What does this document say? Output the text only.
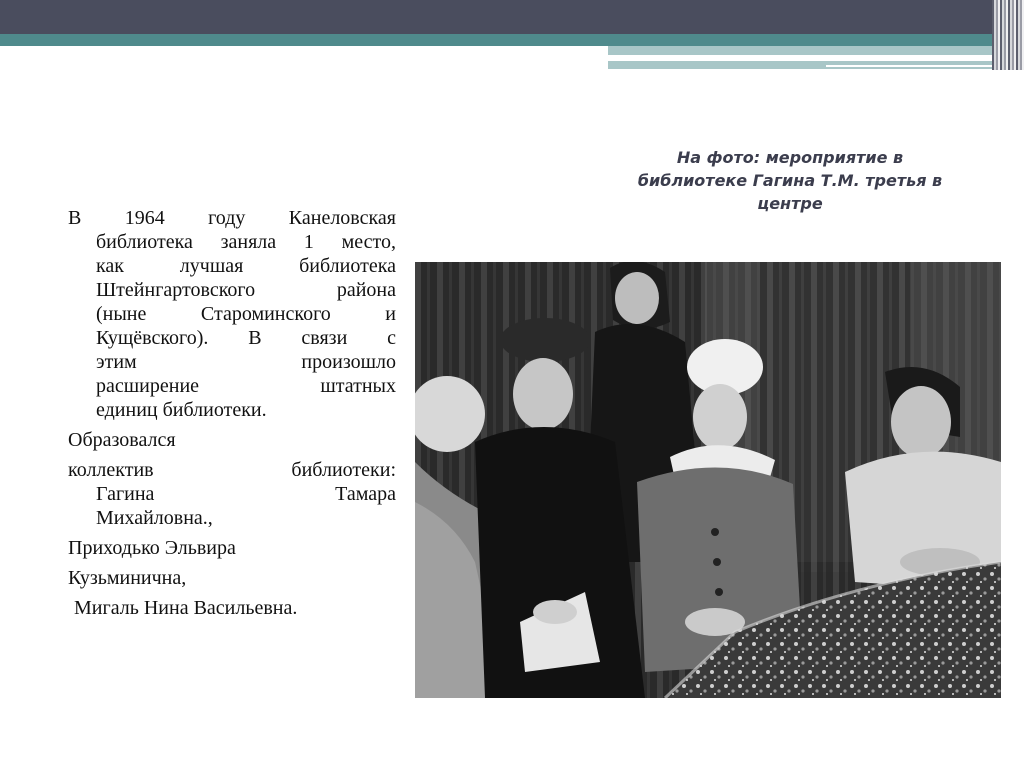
На фото: мероприятие в
библиотеке Гагина Т.М. третья в
центре
В 1964 году Канеловская
библиотека заняла 1 место,
как лучшая библиотека
Штейнгартовского района
(ныне Староминского и
Кущёвского). В связи с
этим произошло
расширение штатных
единиц библиотеки.
Образовался
коллектив библиотеки:
Гагина Тамара
Михайловна.,
Приходько Эльвира
Кузьминична,
Мигаль Нина Васильевна.
